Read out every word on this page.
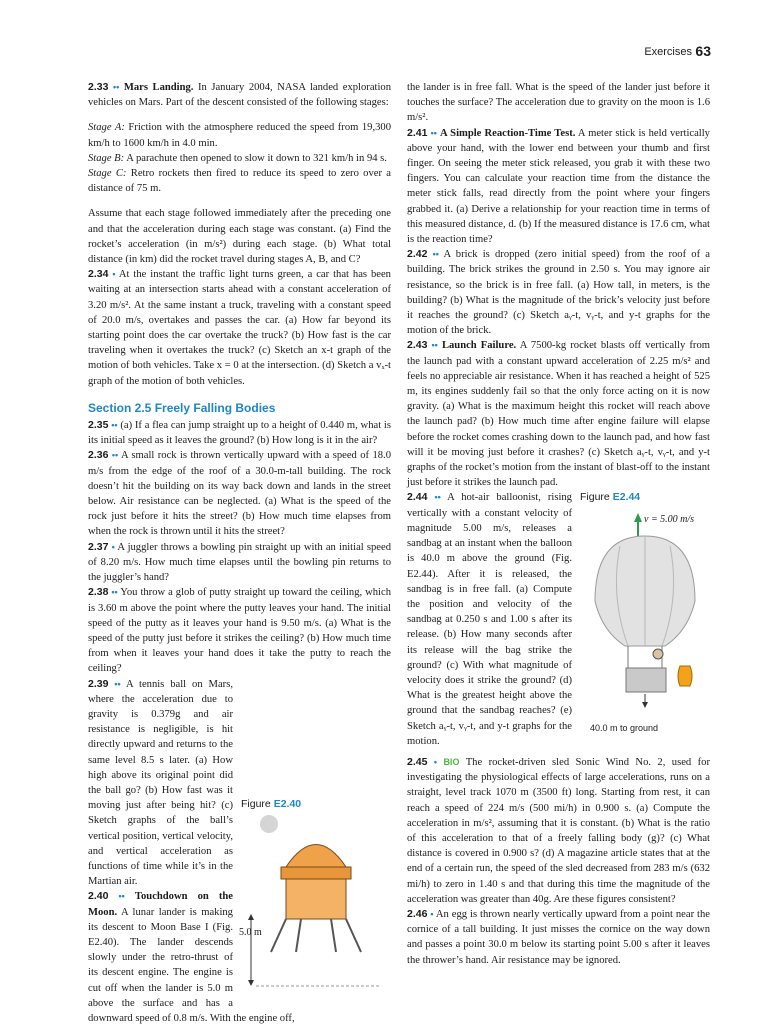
Exercises 63

2.33 •• Mars Landing. In January 2004, NASA landed exploration vehicles on Mars. Part of the descent consisted of the following stages:

Stage A: Friction with the atmosphere reduced the speed from 19,300 km/h to 1600 km/h in 4.0 min.

Stage B: A parachute then opened to slow it down to 321 km/h in 94 s.

Stage C: Retro rockets then fired to reduce its speed to zero over a distance of 75 m.

Assume that each stage followed immediately after the preceding one and that the acceleration during each stage was constant. (a) Find the rocket’s acceleration (in m/s²) during each stage. (b) What total distance (in km) did the rocket travel during stages A, B, and C?

2.34 • At the instant the traffic light turns green, a car that has been waiting at an intersection starts ahead with a constant acceleration of 3.20 m/s². At the same instant a truck, traveling with a constant speed of 20.0 m/s, overtakes and passes the car. (a) How far beyond its starting point does the car overtake the truck? (b) How fast is the car traveling when it overtakes the truck? (c) Sketch an x-t graph of the motion of both vehicles. Take x = 0 at the intersection. (d) Sketch a vₓ-t graph of the motion of both vehicles.

Section 2.5 Freely Falling Bodies

2.35 •• (a) If a flea can jump straight up to a height of 0.440 m, what is its initial speed as it leaves the ground? (b) How long is it in the air?

2.36 •• A small rock is thrown vertically upward with a speed of 18.0 m/s from the edge of the roof of a 30.0-m-tall building. The rock doesn’t hit the building on its way back down and lands in the street below. Air resistance can be neglected. (a) What is the speed of the rock just before it hits the street? (b) How much time elapses from when the rock is thrown until it hits the street?

2.37 • A juggler throws a bowling pin straight up with an initial speed of 8.20 m/s. How much time elapses until the bowling pin returns to the juggler’s hand?

2.38 •• You throw a glob of putty straight up toward the ceiling, which is 3.60 m above the point where the putty leaves your hand. The initial speed of the putty as it leaves your hand is 9.50 m/s. (a) What is the speed of the putty just before it strikes the ceiling? (b) How much time from when it leaves your hand does it take the putty to reach the ceiling?

Figure E2.40
5.0 m

2.39 •• A tennis ball on Mars, where the acceleration due to gravity is 0.379g and air resistance is negligible, is hit directly upward and returns to the same level 8.5 s later. (a) How high above its original point did the ball go? (b) How fast was it moving just after being hit? (c) Sketch graphs of the ball’s vertical position, vertical velocity, and vertical acceleration as functions of time while it’s in the Martian air.

2.40 •• Touchdown on the Moon. A lunar lander is making its descent to Moon Base I (Fig. E2.40). The lander descends slowly under the retro-thrust of its descent engine. The engine is cut off when the lander is 5.0 m above the surface and has a downward speed of 0.8 m/s. With the engine off,

the lander is in free fall. What is the speed of the lander just before it touches the surface? The acceleration due to gravity on the moon is 1.6 m/s².

2.41 •• A Simple Reaction-Time Test. A meter stick is held vertically above your hand, with the lower end between your thumb and first finger. On seeing the meter stick released, you grab it with these two fingers. You can calculate your reaction time from the distance the meter stick falls, read directly from the point where your fingers grabbed it. (a) Derive a relationship for your reaction time in terms of this measured distance, d. (b) If the measured distance is 17.6 cm, what is the reaction time?

2.42 •• A brick is dropped (zero initial speed) from the roof of a building. The brick strikes the ground in 2.50 s. You may ignore air resistance, so the brick is in free fall. (a) How tall, in meters, is the building? (b) What is the magnitude of the brick’s velocity just before it reaches the ground? (c) Sketch aᵧ-t, vᵧ-t, and y-t graphs for the motion of the brick.

2.43 •• Launch Failure. A 7500-kg rocket blasts off vertically from the launch pad with a constant upward acceleration of 2.25 m/s² and feels no appreciable air resistance. When it has reached a height of 525 m, its engines suddenly fail so that the only force acting on it is now gravity. (a) What is the maximum height this rocket will reach above the launch pad? (b) How much time after engine failure will elapse before the rocket comes crashing down to the launch pad, and how fast will it be moving just before it crashes? (c) Sketch aᵧ-t, vᵧ-t, and y-t graphs of the rocket’s motion from the instant of blast-off to the instant just before it strikes the launch pad.

Figure E2.44
v = 5.00 m/s
40.0 m to ground

2.44 •• A hot-air balloonist, rising vertically with a constant velocity of magnitude 5.00 m/s, releases a sandbag at an instant when the balloon is 40.0 m above the ground (Fig. E2.44). After it is released, the sandbag is in free fall. (a) Compute the position and velocity of the sandbag at 0.250 s and 1.00 s after its release. (b) How many seconds after its release will the bag strike the ground? (c) With what magnitude of velocity does it strike the ground? (d) What is the greatest height above the ground that the sandbag reaches? (e) Sketch aᵧ-t, vᵧ-t, and y-t graphs for the motion.

2.45 • BIO The rocket-driven sled Sonic Wind No. 2, used for investigating the physiological effects of large accelerations, runs on a straight, level track 1070 m (3500 ft) long. Starting from rest, it can reach a speed of 224 m/s (500 mi/h) in 0.900 s. (a) Compute the acceleration in m/s², assuming that it is constant. (b) What is the ratio of this acceleration to that of a freely falling body (g)? (c) What distance is covered in 0.900 s? (d) A magazine article states that at the end of a certain run, the speed of the sled decreased from 283 m/s (632 mi/h) to zero in 1.40 s and that during this time the magnitude of the acceleration was greater than 40g. Are these figures consistent?

2.46 • An egg is thrown nearly vertically upward from a point near the cornice of a tall building. It just misses the cornice on the way down and passes a point 30.0 m below its starting point 5.00 s after it leaves the thrower’s hand. Air resistance may be ignored.
